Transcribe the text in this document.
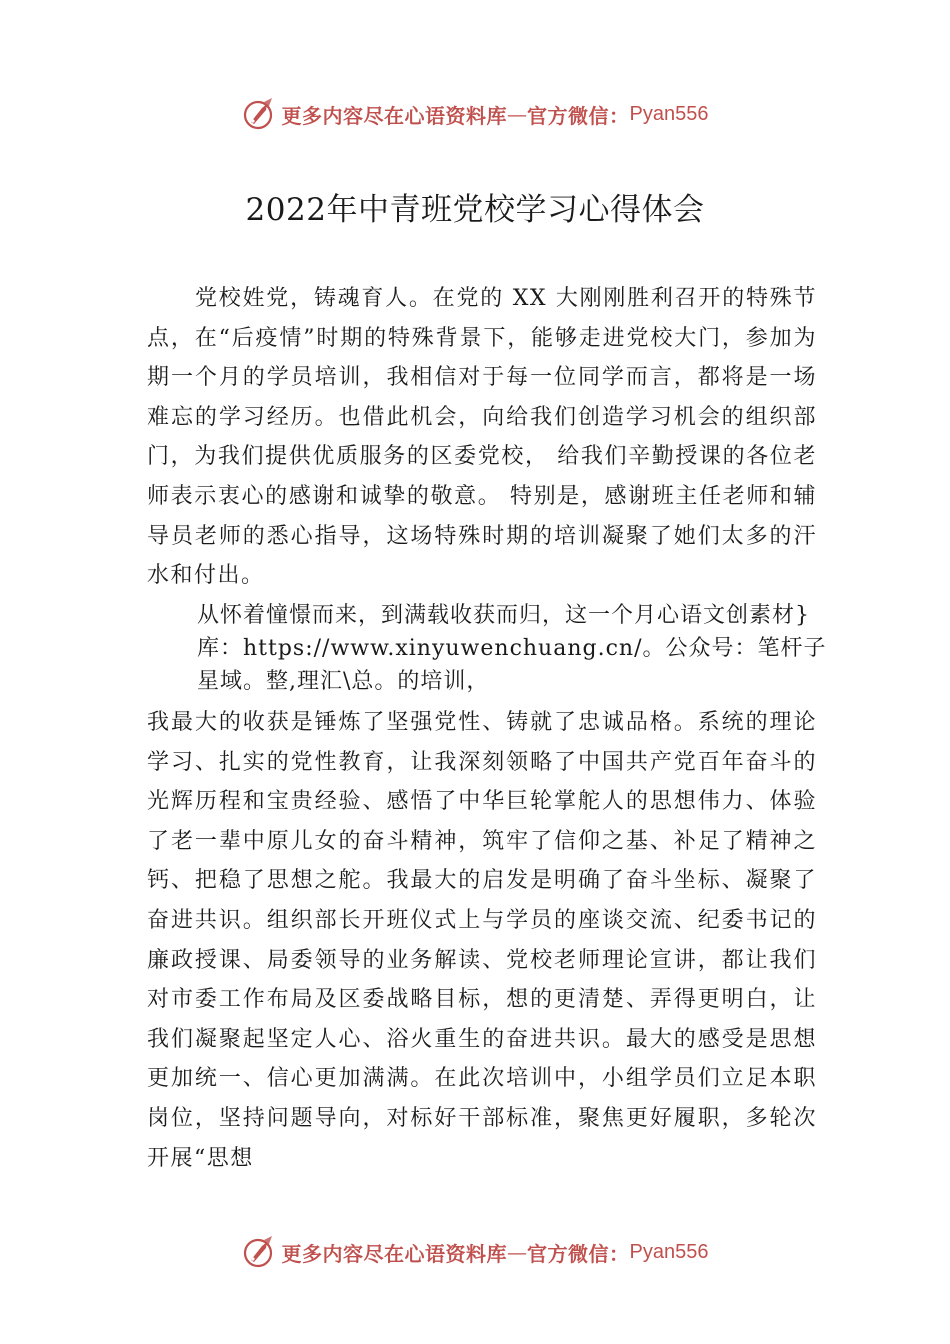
更多内容尽在心语资料库 — 官方微信： Pyan556
2022年中青班党校学习心得体会

党校姓党，铸魂育人。在党的 XX 大刚刚胜利召开的特殊节点，在“后疫情”时期的特殊背景下，能够走进党校大门，参加为期一个月的学员培训，我相信对于每一位同学而言，都将是一场难忘的学习经历。也借此机会，向给我们创造学习机会的组织部门，为我们提供优质服务的区委党校， 给我们辛勤授课的各位老师表示衷心的感谢和诚挚的敬意。 特别是，感谢班主任老师和辅导员老师的悉心指导，这场特殊时期的培训凝聚了她们太多的汗水和付出。

从怀着憧憬而来，到满载收获而归，这一个月心语文创素材}库：https://www.xinyuwenchuang.cn/。公众号：笔杆子星域。整,理汇\总。的培训，

我最大的收获是锤炼了坚强党性、铸就了忠诚品格。系统的理论学习、扎实的党性教育，让我深刻领略了中国共产党百年奋斗的光辉历程和宝贵经验、感悟了中华巨轮掌舵人的思想伟力、体验了老一辈中原儿女的奋斗精神，筑牢了信仰之基、补足了精神之钙、把稳了思想之舵。我最大的启发是明确了奋斗坐标、凝聚了奋进共识。组织部长开班仪式上与学员的座谈交流、纪委书记的廉政授课、局委领导的业务解读、党校老师理论宣讲，都让我们对市委工作布局及区委战略目标，想的更清楚、弄得更明白，让我们凝聚起坚定人心、浴火重生的奋进共识。最大的感受是思想更加统一、信心更加满满。在此次培训中，小组学员们立足本职岗位，坚持问题导向，对标好干部标准，聚焦更好履职，多轮次开展“思想

更多内容尽在心语资料库 — 官方微信： Pyan556
